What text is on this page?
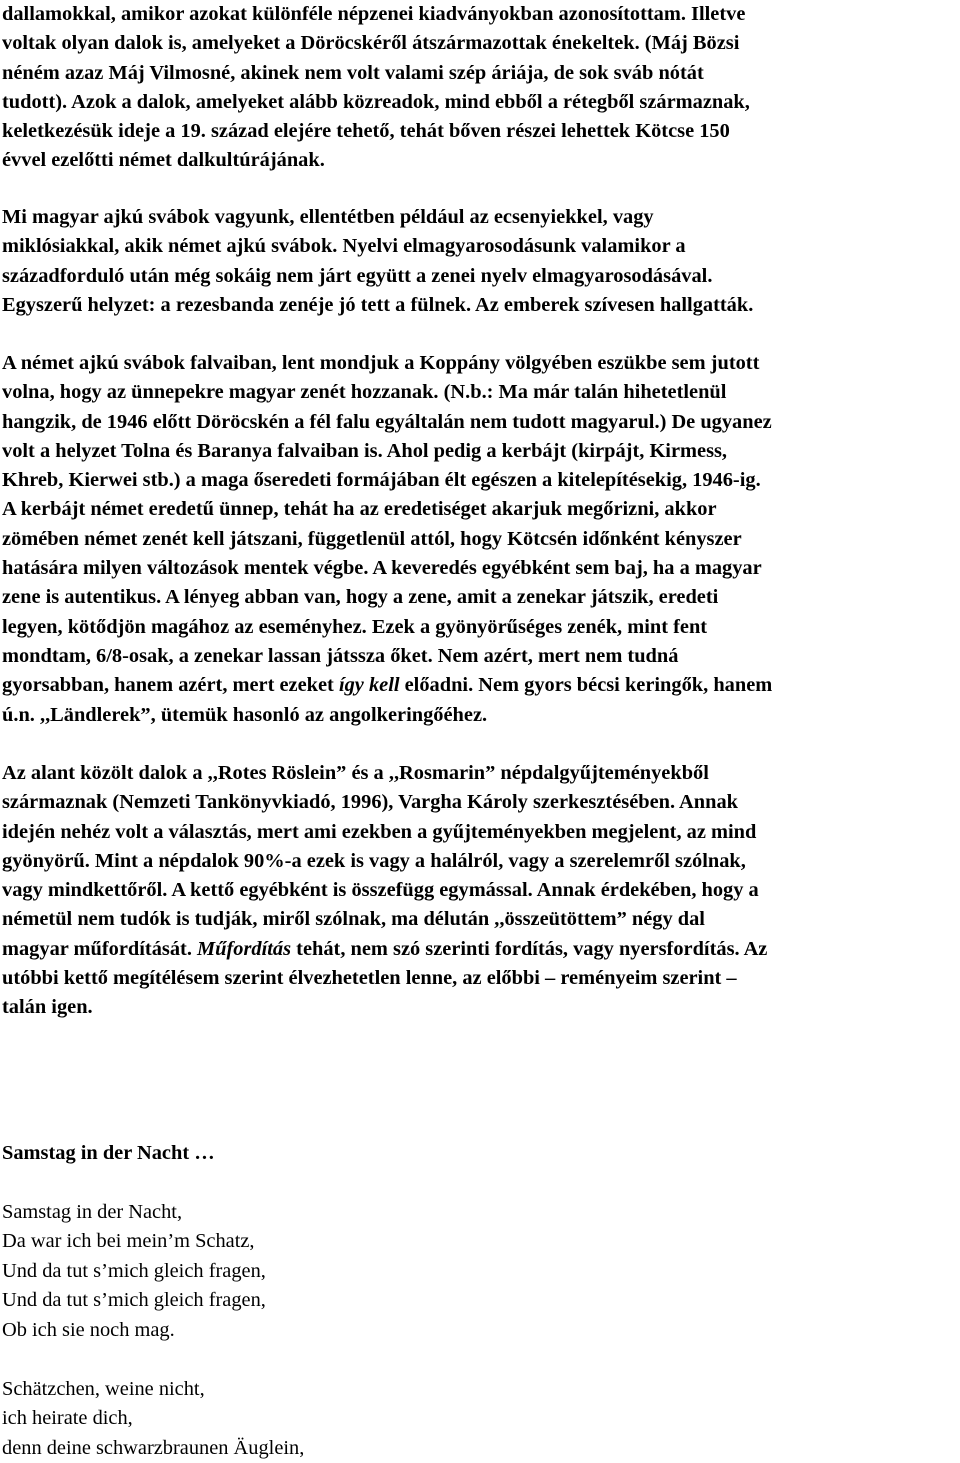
dallamokkal, amikor azokat különféle népzenei kiadványokban azonosítottam. Illetve
voltak olyan dalok is, amelyeket a Döröcskéről átszármazottak énekeltek. (Máj Bözsi
néném azaz Máj Vilmosné, akinek nem volt valami szép áriája, de sok sváb nótát
tudott). Azok a dalok, amelyeket alább közreadok, mind ebből a rétegből származnak,
keletkezésük ideje a 19. század elejére tehető, tehát bőven részei lehettek Kötcse 150
évvel ezelőtti német dalkultúrájának.

Mi magyar ajkú svábok vagyunk, ellentétben például az ecsenyiekkel, vagy
miklósiakkal, akik német ajkú svábok. Nyelvi elmagyarosodásunk valamikor a
századforduló után még sokáig nem járt együtt a zenei nyelv elmagyarosodásával.
Egyszerű helyzet: a rezesbanda zenéje jó tett a fülnek. Az emberek szívesen hallgatták.

A német ajkú svábok falvaiban, lent mondjuk a Koppány völgyében eszükbe sem jutott
volna, hogy az ünnepekre magyar zenét hozzanak. (N.b.: Ma már talán hihetetlenül
hangzik, de 1946 előtt Döröcskén a fél falu egyáltalán nem tudott magyarul.) De ugyanez
volt a helyzet Tolna és Baranya falvaiban is. Ahol pedig a kerbájt (kirpájt, Kirmess,
Khreb, Kierwei stb.) a maga őseredeti formájában élt egészen a kitelepítésekig, 1946-ig.
A kerbájt német eredetű ünnep, tehát ha az eredetiséget akarjuk megőrizni, akkor
zömében német zenét kell játszani, függetlenül attól, hogy Kötcsén időnként kényszer
hatására milyen változások mentek végbe. A keveredés egyébként sem baj, ha a magyar
zene is autentikus. A lényeg abban van, hogy a zene, amit a zenekar játszik, eredeti
legyen, kötődjön magához az eseményhez. Ezek a gyönyörűséges zenék, mint fent
mondtam, 6/8-osak, a zenekar lassan játssza őket. Nem azért, mert nem tudná
gyorsabban, hanem azért, mert ezeket így kell előadni. Nem gyors bécsi keringők, hanem
ú.n. ,,Ländlerek”, ütemük hasonló az angolkeringőéhez.

Az alant közölt dalok a ,,Rotes Röslein” és a ,,Rosmarin” népdalgyűjteményekből
származnak (Nemzeti Tankönyvkiadó, 1996), Vargha Károly szerkesztésében. Annak
idején nehéz volt a választás, mert ami ezekben a gyűjteményekben megjelent, az mind
gyönyörű. Mint a népdalok 90%-a ezek is vagy a halálról, vagy a szerelemről szólnak,
vagy mindkettőről. A kettő egyébként is összefügg egymással. Annak érdekében, hogy a
németül nem tudók is tudják, miről szólnak, ma délután ,,összeütöttem” négy dal
magyar műfordítását. Műfordítás tehát, nem szó szerinti fordítás, vagy nyersfordítás. Az
utóbbi kettő megítélésem szerint élvezhetetlen lenne, az előbbi – reményeim szerint –
talán igen.

Samstag in der Nacht …

Samstag in der Nacht,
Da war ich bei mein’m Schatz,
Und da tut s’mich gleich fragen,
Und da tut s’mich gleich fragen,
Ob ich sie noch mag.

Schätzchen, weine nicht,
ich heirate dich,
denn deine schwarzbraunen Äuglein,
